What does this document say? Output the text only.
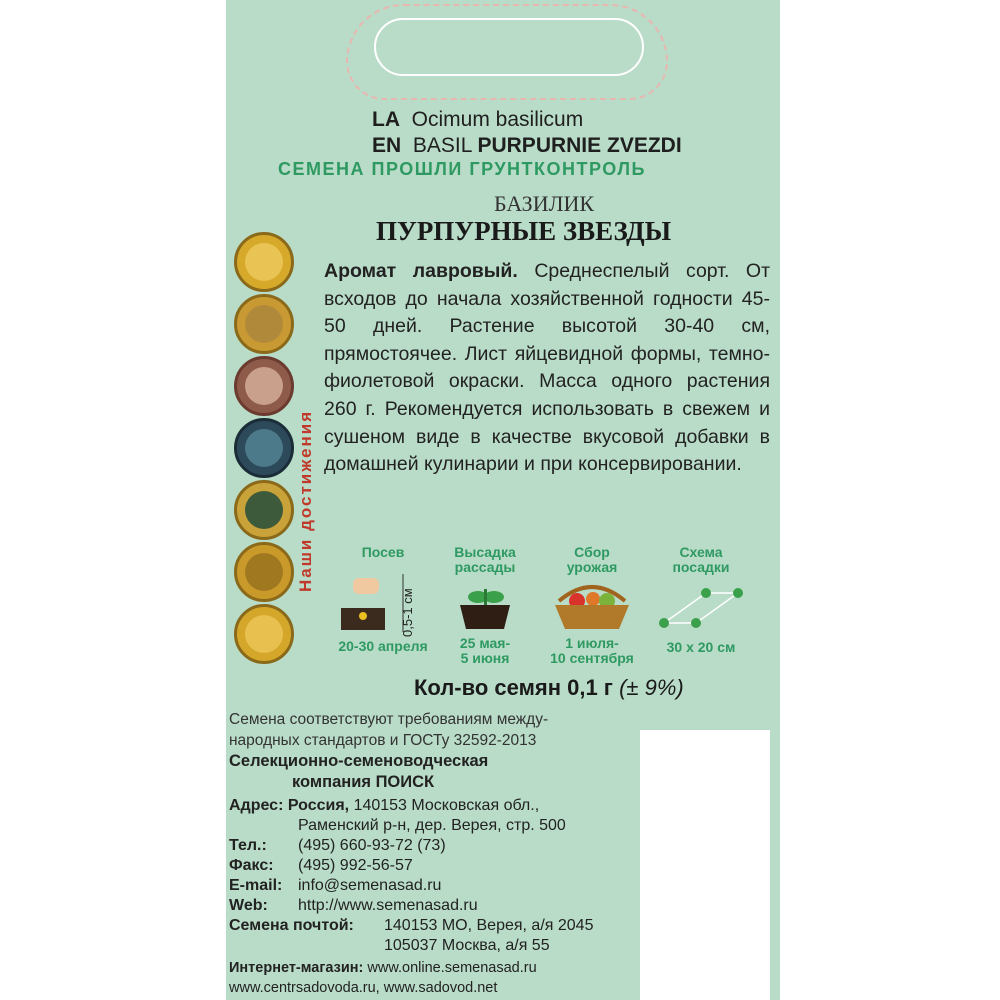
LA Ocimum basilicum
EN BASIL PURPURNIE ZVEZDI
СЕМЕНА ПРОШЛИ ГРУНТКОНТРОЛЬ
БАЗИЛИК
ПУРПУРНЫЕ ЗВЕЗДЫ
Наши достижения
Аромат лавровый. Среднеспелый сорт. От всходов до начала хозяйственной годности 45-50 дней. Растение высотой 30-40 см, прямостоячее. Лист яйцевидной формы, темно-фиолетовой окраски. Масса одного растения 260 г. Рекомендуется использовать в свежем и сушеном виде в качестве вкусовой добавки в домашней кулинарии и при консервировании.
Посев
0,5-1 см
20-30 апреля
Высадка
рассады
25 мая-
5 июня
Сбор
урожая
1 июля-
10 сентября
Схема
посадки
30 x 20 см
Кол-во семян 0,1 г (± 9%)
Семена соответствуют требованиям между-
народных стандартов и ГОСТу 32592-2013
Селекционно-семеноводческая
компания ПОИСК
Адрес: Россия, 140153 Московская обл.,
Раменский р-н, дер. Верея, стр. 500
Тел.: (495) 660-93-72 (73)
Факс: (495) 992-56-57
E-mail: info@semenasad.ru
Web: http://www.semenasad.ru
Семена почтой: 140153 МО, Верея, а/я 2045
105037 Москва, а/я 55
Интернет-магазин: www.online.semenasad.ru
www.centrsadovoda.ru, www.sadovod.net
